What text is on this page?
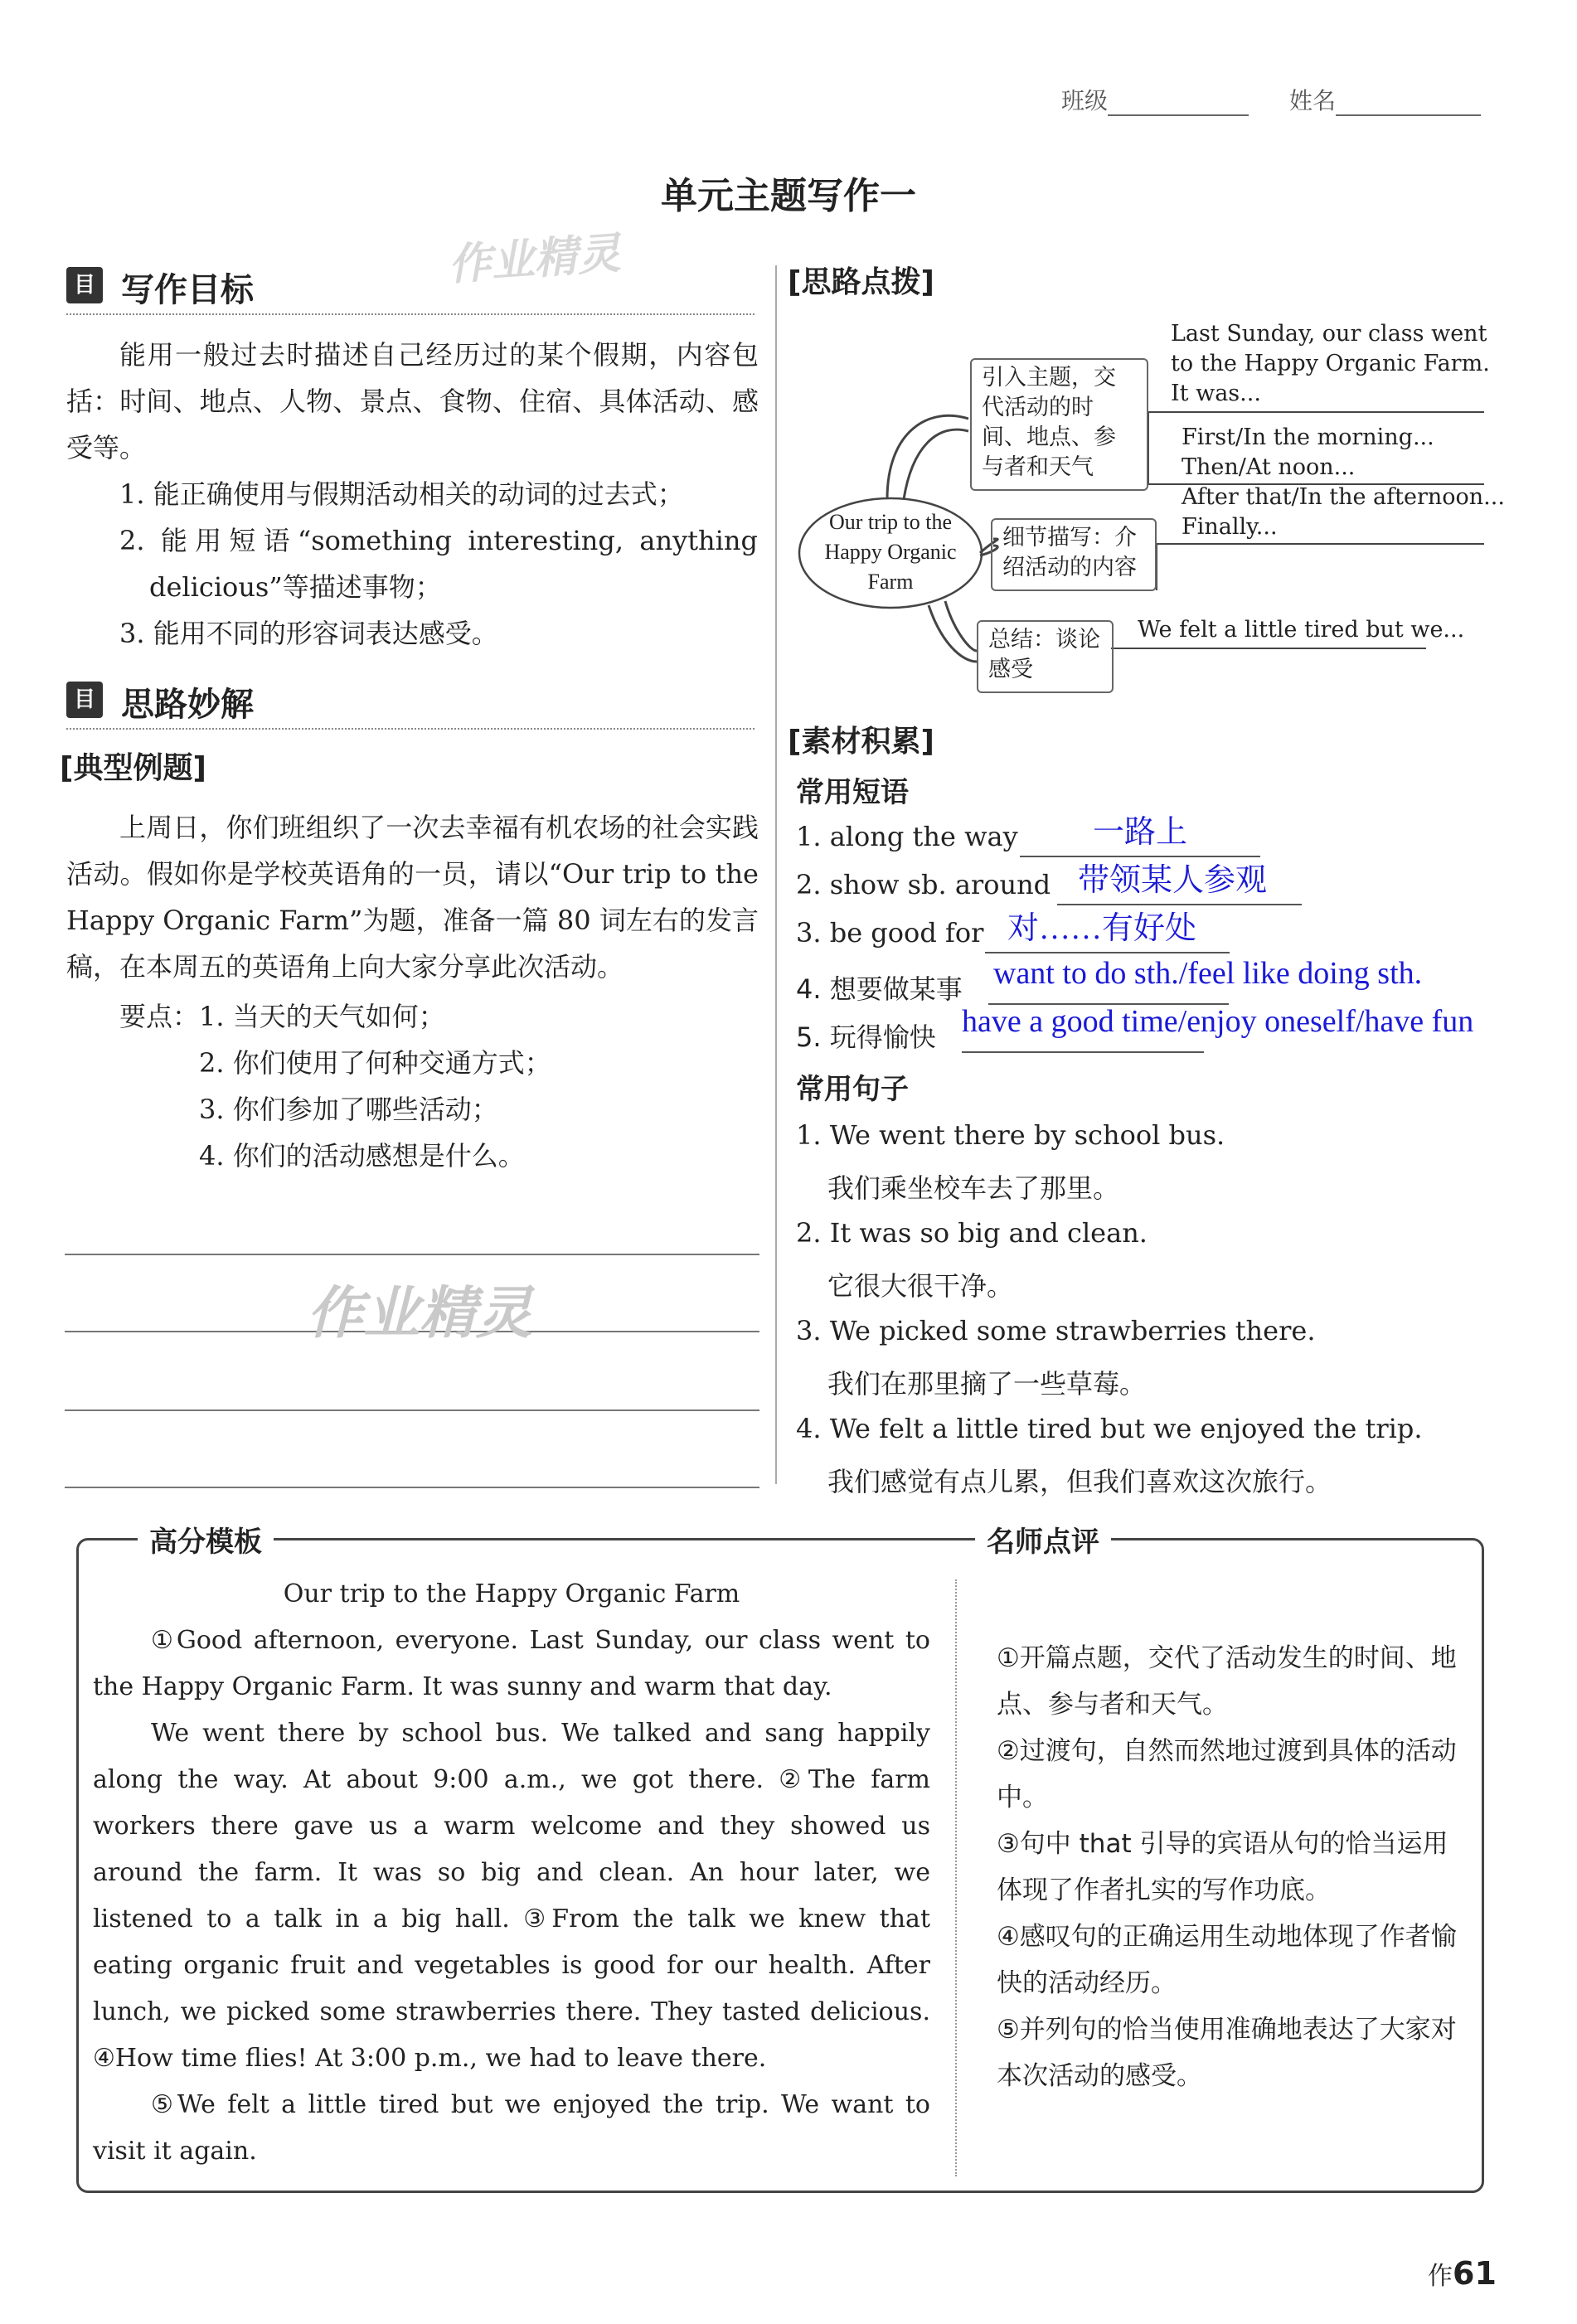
班级	姓名
单元主题写作一
目 写作目标	作业精灵
能用一般过去时描述自己经历过的某个假期，内容包括：时间、地点、人物、景点、食物、住宿、具体活动、感受等。
1. 能正确使用与假期活动相关的动词的过去式；
2. 能用短语“something interesting, anything delicious”等描述事物；
3. 能用不同的形容词表达感受。
目 思路妙解
[典型例题]
上周日，你们班组织了一次去幸福有机农场的社会实践活动。假如你是学校英语角的一员，请以“Our trip to the Happy Organic Farm”为题，准备一篇 80 词左右的发言稿，在本周五的英语角上向大家分享此次活动。
要点： 1. 当天的天气如何；
2. 你们使用了何种交通方式；
3. 你们参加了哪些活动；
4. 你们的活动感想是什么。
作业精灵
[思路点拨]
Our trip to the Happy Organic Farm
引入主题，交代活动的时间、地点、参与者和天气
细节描写：介绍活动的内容
总结：谈论感受
Last Sunday, our class went
to the Happy Organic Farm.
It was...
First/In the morning...
Then/At noon...
After that/In the afternoon...
Finally...
We felt a little tired but we...
[素材积累]
常用短语
1. along the way 一路上
2. show sb. around 带领某人参观
3. be good for 对……有好处
4. 想要做某事 want to do sth./feel like doing sth.
5. 玩得愉快 have a good time/enjoy oneself/have fun
常用句子
1. We went there by school bus.
我们乘坐校车去了那里。
2. It was so big and clean.
它很大很干净。
3. We picked some strawberries there.
我们在那里摘了一些草莓。
4. We felt a little tired but we enjoyed the trip.
我们感觉有点儿累，但我们喜欢这次旅行。
高分模板	名师点评
Our trip to the Happy Organic Farm
①Good afternoon, everyone. Last Sunday, our class went to the Happy Organic Farm. It was sunny and warm that day.
We went there by school bus. We talked and sang happily along the way. At about 9:00 a.m., we got there. ②The farm workers there gave us a warm welcome and they showed us around the farm. It was so big and clean. An hour later, we listened to a talk in a big hall. ③From the talk we knew that eating organic fruit and vegetables is good for our health. After lunch, we picked some strawberries there. They tasted delicious. ④How time flies! At 3:00 p.m., we had to leave there.
⑤We felt a little tired but we enjoyed the trip. We want to visit it again.
①开篇点题，交代了活动发生的时间、地点、参与者和天气。
②过渡句，自然而然地过渡到具体的活动中。
③句中 that 引导的宾语从句的恰当运用体现了作者扎实的写作功底。
④感叹句的正确运用生动地体现了作者愉快的活动经历。
⑤并列句的恰当使用准确地表达了大家对本次活动的感受。
作61
